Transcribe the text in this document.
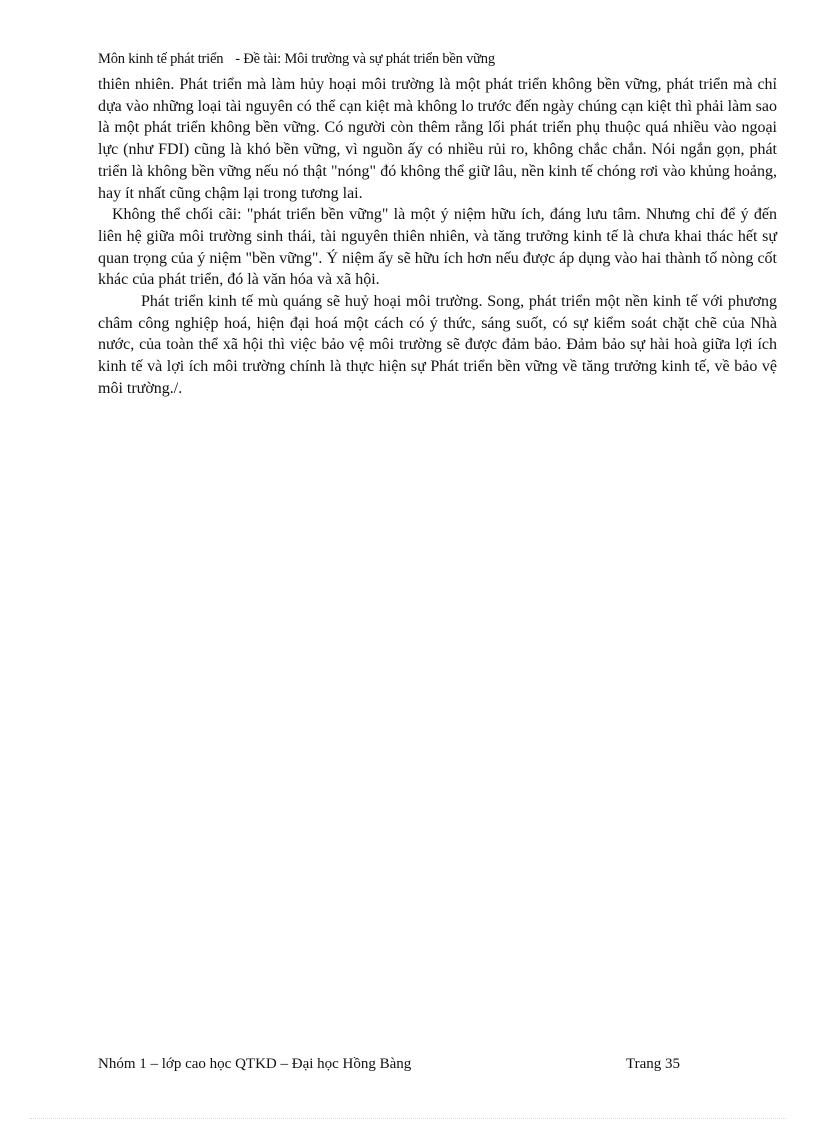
Môn kinh tế phát triển - Đề tài: Môi trường và sự phát triển bền vững

thiên nhiên. Phát triển mà làm hủy hoại môi trường là một phát triển không bền vững, phát triển mà chỉ dựa vào những loại tài nguyên có thể cạn kiệt mà không lo trước đến ngày chúng cạn kiệt thì phải làm sao là một phát triển không bền vững. Có người còn thêm rằng lối phát triển phụ thuộc quá nhiều vào ngoại lực (như FDI) cũng là khó bền vững, vì nguồn ấy có nhiều rủi ro, không chắc chắn. Nói ngắn gọn, phát triển là không bền vững nếu nó thật "nóng" đó không thể giữ lâu, nền kinh tế chóng rơi vào khủng hoảng, hay ít nhất cũng chậm lại trong tương lai.

Không thể chối cãi: "phát triển bền vững" là một ý niệm hữu ích, đáng lưu tâm. Nhưng chỉ để ý đến liên hệ giữa môi trường sinh thái, tài nguyên thiên nhiên, và tăng trưởng kinh tế là chưa khai thác hết sự quan trọng của ý niệm "bền vững". Ý niệm ấy sẽ hữu ích hơn nếu được áp dụng vào hai thành tố nòng cốt khác của phát triển, đó là văn hóa và xã hội.

Phát triển kinh tế mù quáng sẽ huỷ hoại môi trường. Song, phát triển một nền kinh tế với phương châm công nghiệp hoá, hiện đại hoá một cách có ý thức, sáng suốt, có sự kiểm soát chặt chẽ của Nhà nước, của toàn thể xã hội thì việc bảo vệ môi trường sẽ được đảm bảo. Đảm bảo sự hài hoà giữa lợi ích kinh tế và lợi ích môi trường chính là thực hiện sự Phát triển bền vững về tăng trưởng kinh tế, về bảo vệ môi trường./.

Nhóm 1 – lớp cao học QTKD – Đại học Hồng Bàng	Trang 35
